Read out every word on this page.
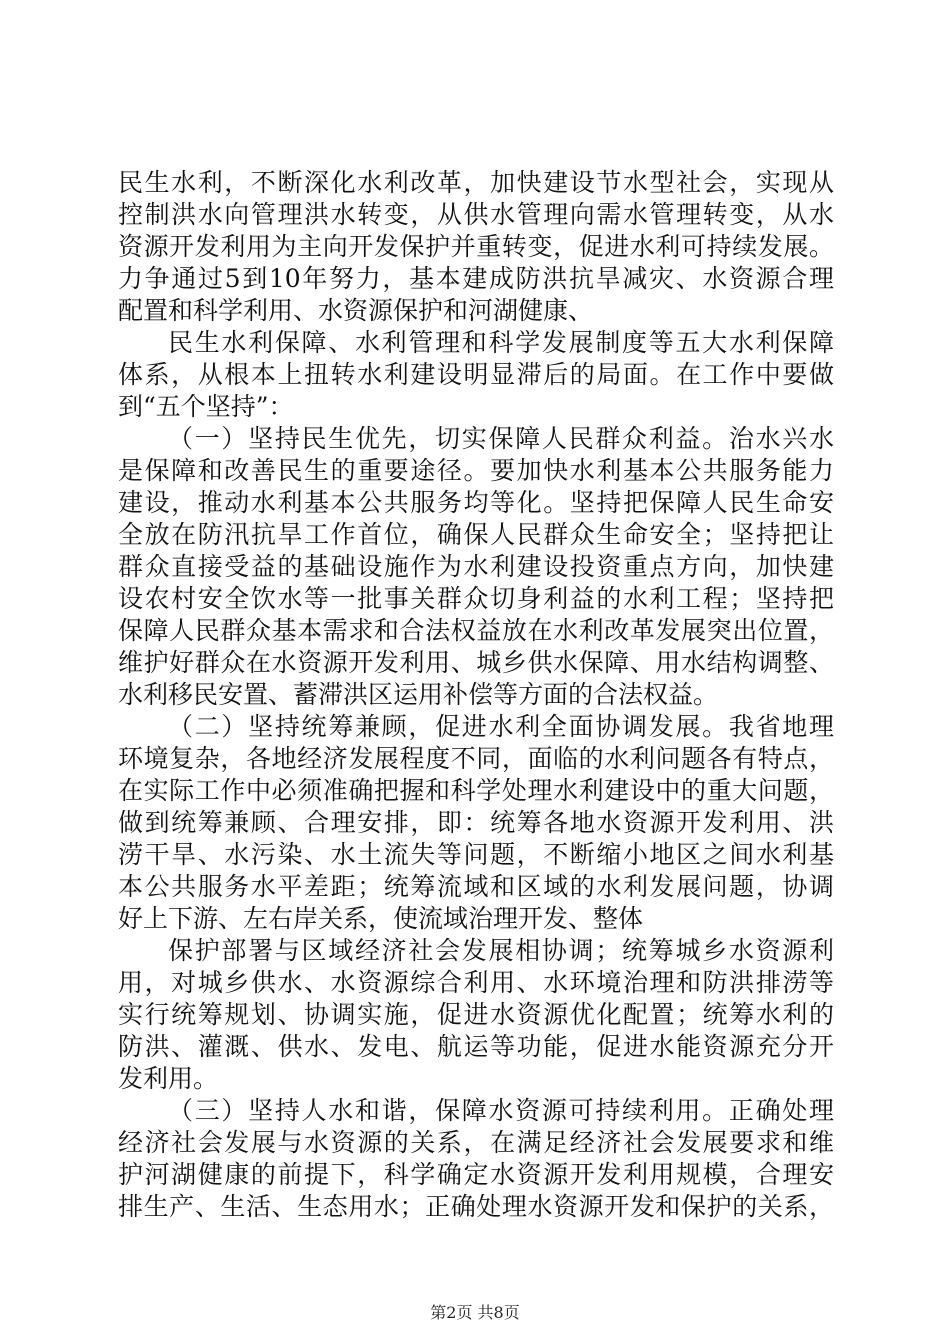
民生水利，不断深化水利改革，加快建设节水型社会，实现从
控制洪水向管理洪水转变，从供水管理向需水管理转变，从水
资源开发利用为主向开发保护并重转变，促进水利可持续发展。
力争通过5到10年努力，基本建成防洪抗旱减灾、水资源合理
配置和科学利用、水资源保护和河湖健康、
民生水利保障、水利管理和科学发展制度等五大水利保障
体系，从根本上扭转水利建设明显滞后的局面。在工作中要做
到“五个坚持”：
（一）坚持民生优先，切实保障人民群众利益。治水兴水
是保障和改善民生的重要途径。要加快水利基本公共服务能力
建设，推动水利基本公共服务均等化。坚持把保障人民生命安
全放在防汛抗旱工作首位，确保人民群众生命安全；坚持把让
群众直接受益的基础设施作为水利建设投资重点方向，加快建
设农村安全饮水等一批事关群众切身利益的水利工程；坚持把
保障人民群众基本需求和合法权益放在水利改革发展突出位置，
维护好群众在水资源开发利用、城乡供水保障、用水结构调整、
水利移民安置、蓄滞洪区运用补偿等方面的合法权益。
（二）坚持统筹兼顾，促进水利全面协调发展。我省地理
环境复杂，各地经济发展程度不同，面临的水利问题各有特点，
在实际工作中必须准确把握和科学处理水利建设中的重大问题，
做到统筹兼顾、合理安排，即：统筹各地水资源开发利用、洪
涝干旱、水污染、水土流失等问题，不断缩小地区之间水利基
本公共服务水平差距；统筹流域和区域的水利发展问题，协调
好上下游、左右岸关系，使流域治理开发、整体
保护部署与区域经济社会发展相协调；统筹城乡水资源利
用，对城乡供水、水资源综合利用、水环境治理和防洪排涝等
实行统筹规划、协调实施，促进水资源优化配置；统筹水利的
防洪、灌溉、供水、发电、航运等功能，促进水能资源充分开
发利用。
（三）坚持人水和谐，保障水资源可持续利用。正确处理
经济社会发展与水资源的关系，在满足经济社会发展要求和维
护河湖健康的前提下，科学确定水资源开发利用规模，合理安
排生产、生活、生态用水；正确处理水资源开发和保护的关系，
第2页 共8页
